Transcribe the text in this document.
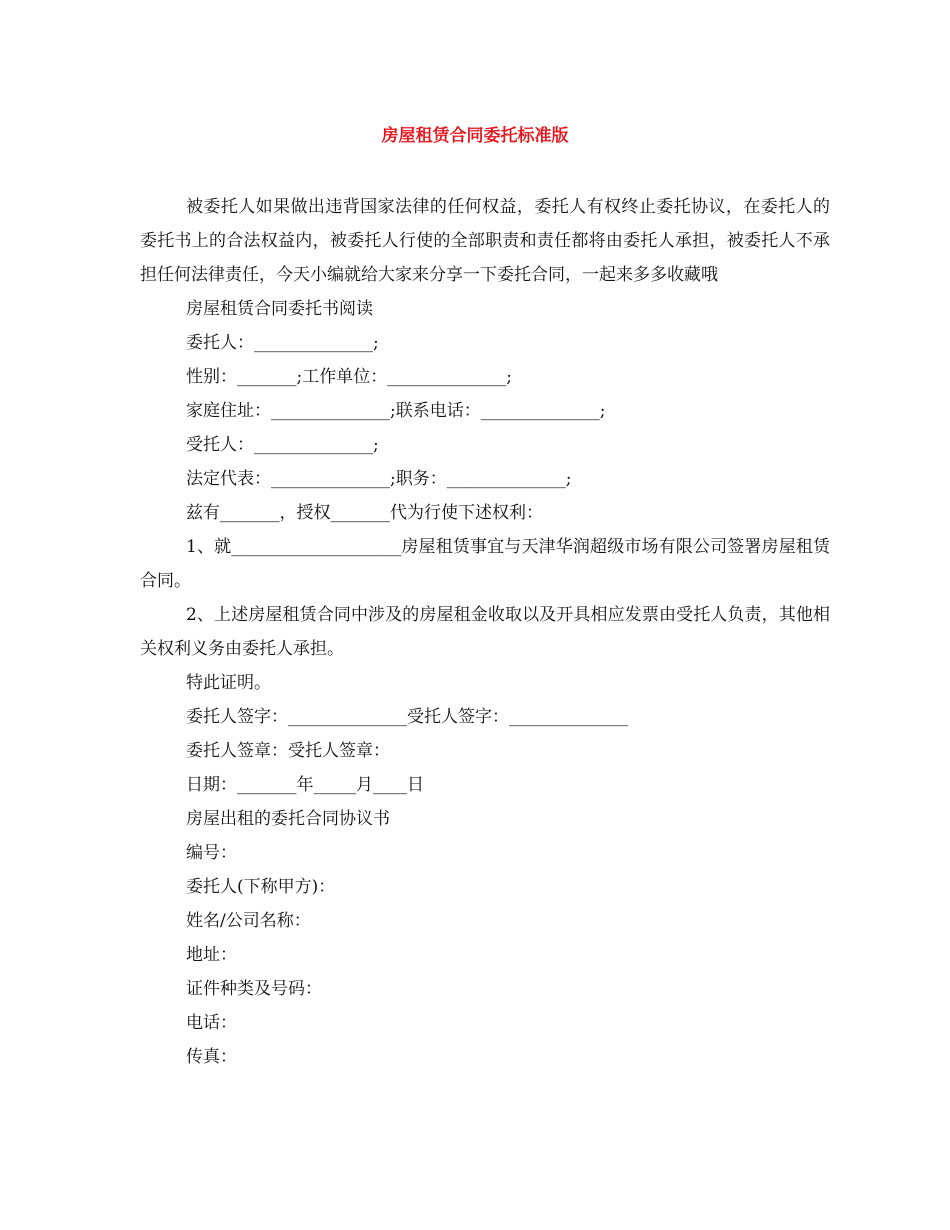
房屋租赁合同委托标准版

被委托人如果做出违背国家法律的任何权益，委托人有权终止委托协议，在委托人的委托书上的合法权益内，被委托人行使的全部职责和责任都将由委托人承担，被委托人不承担任何法律责任，今天小编就给大家来分享一下委托合同，一起来多多收藏哦

房屋租赁合同委托书阅读

委托人：______________;

性别：_______;工作单位：______________;

家庭住址：______________;联系电话：______________;

受托人：______________;

法定代表：______________;职务：______________;

兹有_______，授权_______代为行使下述权利：

1、就____________________房屋租赁事宜与天津华润超级市场有限公司签署房屋租赁合同。

2、上述房屋租赁合同中涉及的房屋租金收取以及开具相应发票由受托人负责，其他相关权利义务由委托人承担。

特此证明。

委托人签字：______________受托人签字：______________

委托人签章：受托人签章：

日期：_______年_____月____日

房屋出租的委托合同协议书

编号：

委托人(下称甲方)：

姓名/公司名称：

地址：

证件种类及号码：

电话：

传真：
